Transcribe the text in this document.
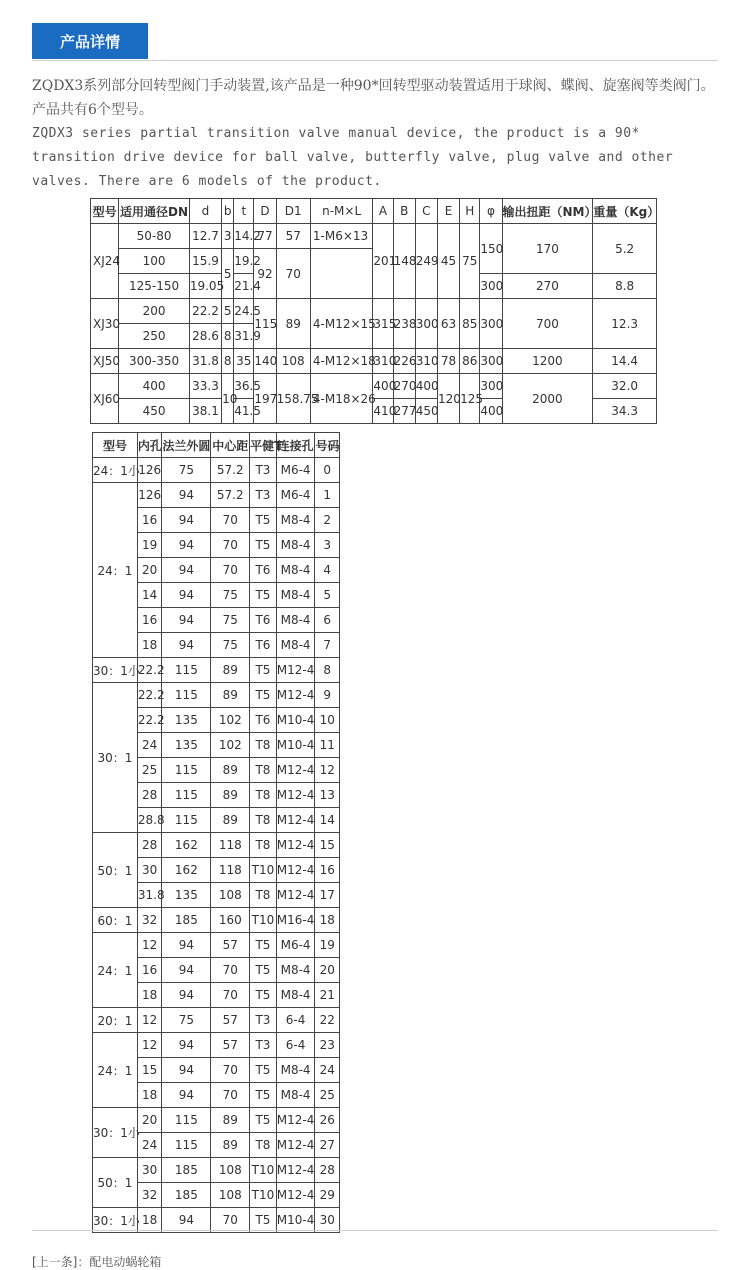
产品详情

ZQDX3系列部分回转型阀门手动装置,该产品是一种90*回转型驱动装置适用于球阀、蝶阀、旋塞阀等类阀门。产品共有6个型号。

ZQDX3 series partial transition valve manual device, the product is a 90* transition drive device for ball valve, butterfly valve, plug valve and other valves. There are 6 models of the product.

型号	适用通径DN	d	b	t	D	D1	n-M×L	A	B	C	E	H	φ	输出扭距（NM）	重量（Kg）
XJ24	50-80	12.7	3	14.2	77	57	1-M6×13	201	148	249	45	75	150	170	5.2
	100	15.9	5	19.2	92	70									
	125-150	19.05		21.4									300	270	8.8
XJ30	200	22.2	5	24.5	115	89	4-M12×15	315	238	300	63	85	300	700	12.3
	250	28.6	8	31.9											
XJ50	300-350	31.8	8	35	140	108	4-M12×18	310	226	310	78	86	300	1200	14.4
XJ60	400	33.3	10	36.5	197	158.75	4-M18×26	400	270	400	120	125	300	2000	32.0
	450	38.1		41.5				410	277	450			400		34.3
型号	内孔	法兰外圆	中心距	平健T	连接孔	号码
24：1小	126	75	57.2	T3	M6-4	0
24：1	126	94	57.2	T3	M6-4	1
	16	94	70	T5	M8-4	2
	19	94	70	T5	M8-4	3
	20	94	70	T6	M8-4	4
	14	94	75	T5	M8-4	5
	16	94	75	T6	M8-4	6
	18	94	75	T6	M8-4	7
30：1小	22.2	115	89	T5	M12-4	8
30：1	22.2	115	89	T5	M12-4	9
	22.2	135	102	T6	M10-4	10
	24	135	102	T8	M10-4	11
	25	115	89	T8	M12-4	12
	28	115	89	T8	M12-4	13
	28.8	115	89	T8	M12-4	14
50：1	28	162	118	T8	M12-4	15
	30	162	118	T10	M12-4	16
	31.8	135	108	T8	M12-4	17
60：1	32	185	160	T10	M16-4	18
24：1	12	94	57	T5	M6-4	19
	16	94	70	T5	M8-4	20
	18	94	70	T5	M8-4	21
20：1	12	75	57	T3	6-4	22
24：1	12	94	57	T3	6-4	23
	15	94	70	T5	M8-4	24
	18	94	70	T5	M8-4	25
30：1小	20	115	89	T5	M12-4	26
	24	115	89	T8	M12-4	27
50：1	30	185	108	T10	M12-4	28
	32	185	108	T10	M12-4	29
30：1小	18	94	70	T5	M10-4	30
[上一条]：配电动蜗轮箱
